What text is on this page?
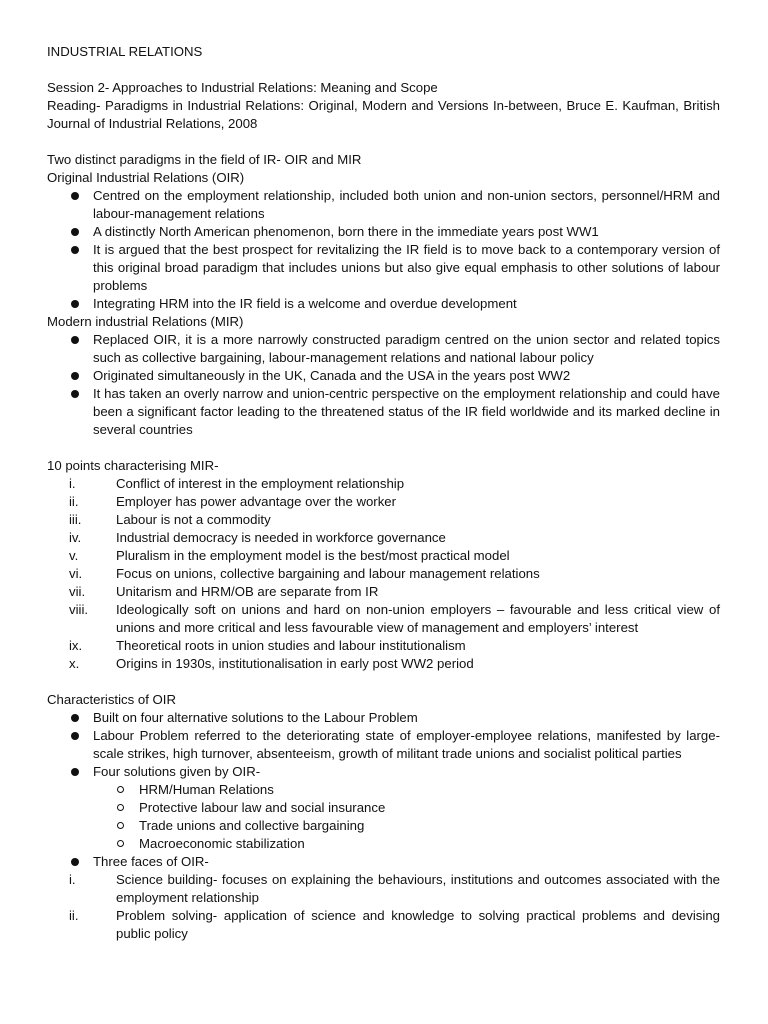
INDUSTRIAL RELATIONS

Session 2- Approaches to Industrial Relations: Meaning and Scope

Reading- Paradigms in Industrial Relations: Original, Modern and Versions In-between, Bruce E. Kaufman, British Journal of Industrial Relations, 2008

Two distinct paradigms in the field of IR- OIR and MIR

Original Industrial Relations (OIR)

Centred on the employment relationship, included both union and non-union sectors, personnel/HRM and labour-management relations
A distinctly North American phenomenon, born there in the immediate years post WW1
It is argued that the best prospect for revitalizing the IR field is to move back to a contemporary version of this original broad paradigm that includes unions but also give equal emphasis to other solutions of labour problems
Integrating HRM into the IR field is a welcome and overdue development

Modern industrial Relations (MIR)

Replaced OIR, it is a more narrowly constructed paradigm centred on the union sector and related topics such as collective bargaining, labour-management relations and national labour policy
Originated simultaneously in the UK, Canada and the USA in the years post WW2
It has taken an overly narrow and union-centric perspective on the employment relationship and could have been a significant factor leading to the threatened status of the IR field worldwide and its marked decline in several countries

10 points characterising MIR-

i.	Conflict of interest in the employment relationship
ii.	Employer has power advantage over the worker
iii.	Labour is not a commodity
iv.	Industrial democracy is needed in workforce governance
v.	Pluralism in the employment model is the best/most practical model
vi.	Focus on unions, collective bargaining and labour management relations
vii. Unitarism and HRM/OB are separate from IR
viii. Ideologically soft on unions and hard on non-union employers – favourable and less critical view of unions and more critical and less favourable view of management and employers’ interest
ix.	Theoretical roots in union studies and labour institutionalism
x.	Origins in 1930s, institutionalisation in early post WW2 period

Characteristics of OIR

Built on four alternative solutions to the Labour Problem
Labour Problem referred to the deteriorating state of employer-employee relations, manifested by large-scale strikes, high turnover, absenteeism, growth of militant trade unions and socialist political parties
Four solutions given by OIR-
HRM/Human Relations
Protective labour law and social insurance
Trade unions and collective bargaining
Macroeconomic stabilization
Three faces of OIR-
i.	Science building- focuses on explaining the behaviours, institutions and outcomes associated with the employment relationship
ii.	Problem solving- application of science and knowledge to solving practical problems and devising public policy
